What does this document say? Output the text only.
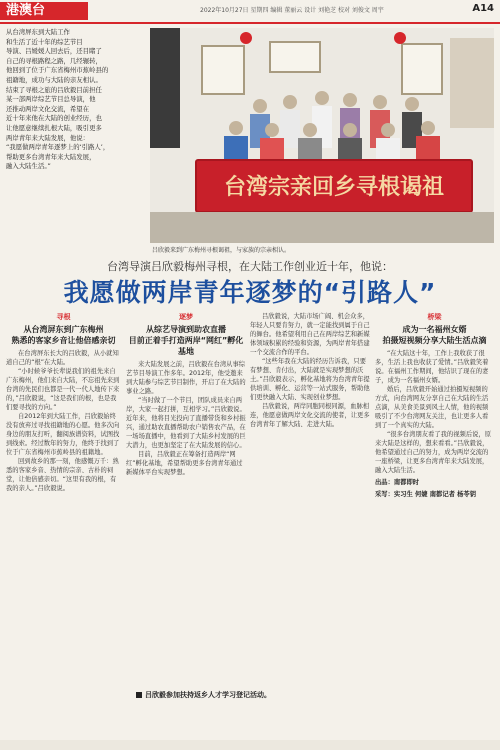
港澳台	2022年10月27日 星期四 编辑 董丽云 设计 刘艳芝 校对 刘俊文 周宇	A14
从台湾屏东到大陆工作
和生活了近十年的综艺节目
导演、吕媛媛人回去后，还目睹了
自己的寻根路程之路，几经辗转，
他回到了位于广东省梅州市蕉岭县的
祖籍地，成功与大陆的亲友相认。
结束了寻根之旅的吕欣毅目前担任
某一部两岸综艺节目总导演，他
还推动两岸文化交流，希望在
近十年来他在大陆的创业经历，也
让他愿意继续扎根大陆，吸引更多
两岸青年来大陆发展，他说：
“我愿做两岸青年逐梦上的‘引路人’，
帮助更多台湾青年来大陆发展，
融入大陆生活。”
台湾宗亲回乡寻根谒祖
吕欣毅来到广东梅州寻根谒祖，与家族的宗亲相认。
台湾导演吕欣毅梅州寻根，在大陆工作创业近十年，他说：
我愿做两岸青年逐梦的“引路人”

寻根

从台湾屏东到广东梅州
熟悉的客家乡音让他倍感亲切

在台湾屏东长大的吕欣毅，从小就知道自己的“根”在大陆。

“小时候爷爷长辈说我们的祖先来自广东梅州，他们来自大陆，不忘祖先来到台湾的先民们也都是一代一代人地传下来的，”吕欣毅说，“这是我们的根，也是我们要寻找的方向。”

自2012年到大陆工作，吕欣毅始终没有放弃过寻找祖籍地的心愿。他多次向身边的朋友打听，翻阅族谱资料，试图找到线索。经过数年的努力，他终于找到了位于广东省梅州市蕉岭县的祖籍地。

回到故乡的那一刻，他感慨万千：熟悉的客家乡音、热情的宗亲、古朴的祠堂，让他倍感亲切。“这里有我的根，有我的亲人。”吕欣毅说。

逐梦

从综艺导演到助农直播
目前正着手打造两岸“网红”孵化基地

来大陆发展之前，吕欣毅在台湾从事综艺节目导演工作多年。2012年，他受邀来到大陆参与综艺节目制作，开启了在大陆的事业之路。

“当时做了一个节目，团队成员来自两岸，大家一起打拼，互相学习。”吕欣毅说。近年来，他将目光投向了直播带货和乡村振兴，通过助农直播帮助农户销售农产品，在一场场直播中，他看到了大陆乡村发展的巨大潜力，也更加坚定了在大陆发展的信心。

目前，吕欣毅正在筹备打造两岸“网红”孵化基地，希望帮助更多台湾青年通过新媒体平台实现梦想。

吕欣毅说，大陆市场广阔、机会众多，年轻人只要肯努力，就一定能找到属于自己的舞台。他希望利用自己在两岸综艺和新媒体领域积累的经验和资源，为两岸青年搭建一个交流合作的平台。

“这些年我在大陆的经历告诉我，只要有梦想、肯付出，大陆就是实现梦想的沃土。”吕欣毅表示，孵化基地将为台湾青年提供培训、孵化、运营等一站式服务，帮助他们更快融入大陆、实现创业梦想。

吕欣毅说，两岸同胞同根同源，血脉相连，他愿意做两岸文化交流的使者，让更多台湾青年了解大陆、走进大陆。

桥梁

成为一名福州女婿
拍摄短视频分享大陆生活点滴

“在大陆这十年，工作上我收获了很多，生活上我也收获了爱情。”吕欣毅笑着说。在福州工作期间，他结识了现在的妻子，成为一名福州女婿。

婚后，吕欣毅开始通过拍摄短视频的方式，向台湾网友分享自己在大陆的生活点滴，从美食美景到风土人情，他的视频吸引了不少台湾网友关注，也让更多人看到了一个真实的大陆。

“很多台湾朋友看了我的视频后说，原来大陆是这样的，想来看看。”吕欣毅说，他希望通过自己的努力，成为两岸交流的一座桥梁，让更多台湾青年来大陆发展，融入大陆生活。

出品：南都即时

采写：实习生 何婕 南都记者 杨苓钥

吕欣毅参加扶持返乡人才学习登记活动。
